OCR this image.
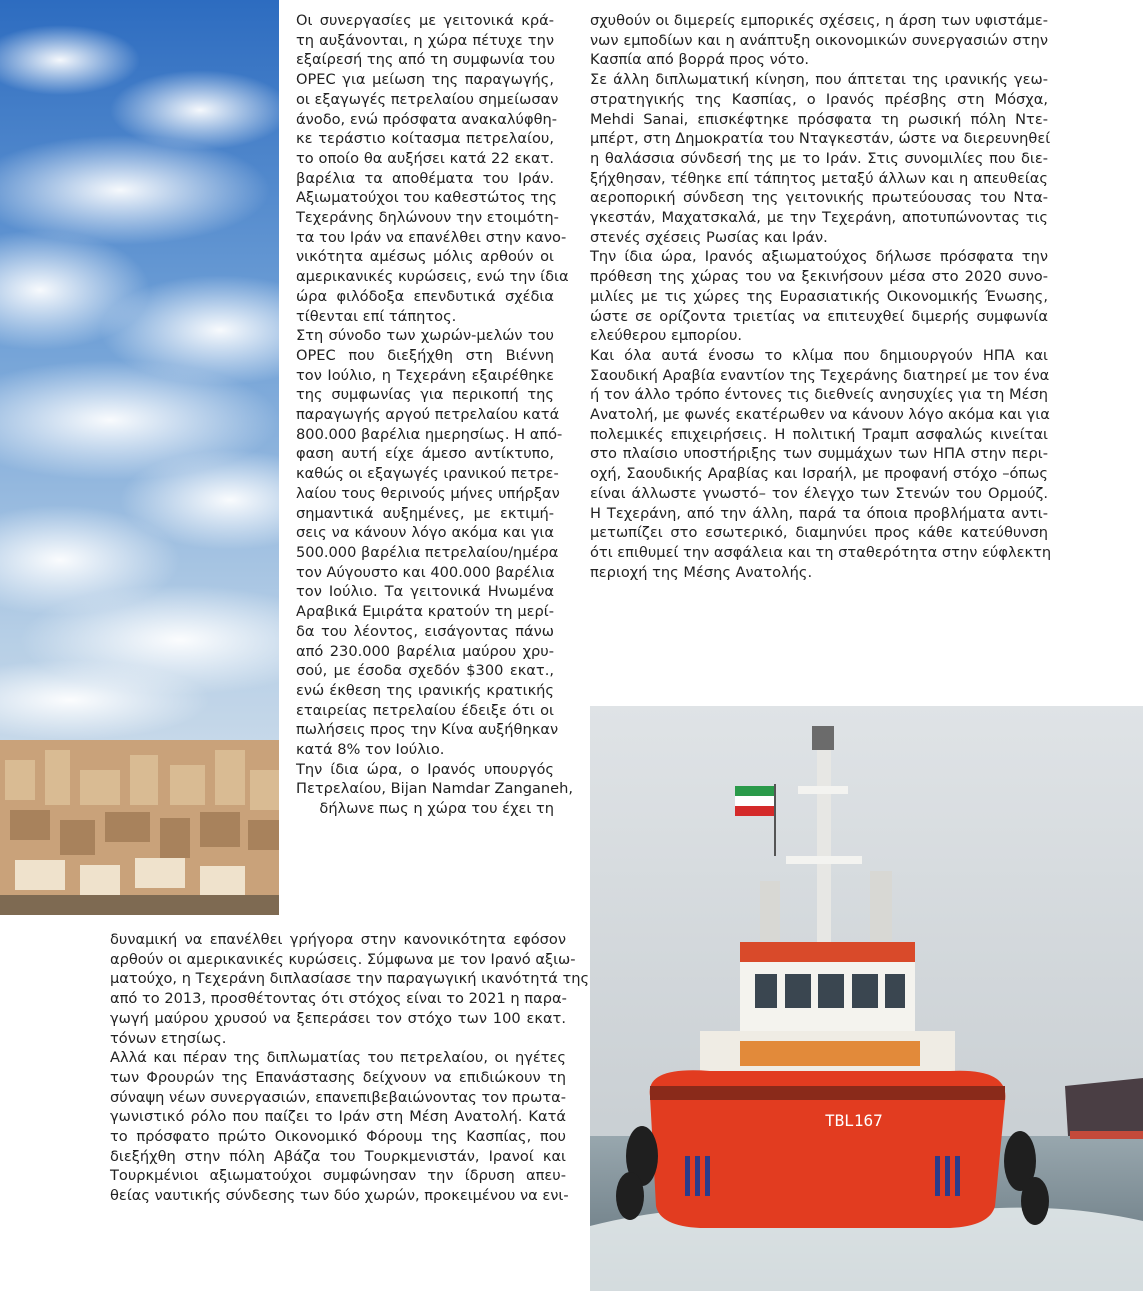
Οι συνεργασίες με γειτονικά κρά-
τη αυξάνονται, η χώρα πέτυχε την
εξαίρεσή της από τη συμφωνία του
OPEC για μείωση της παραγωγής,
οι εξαγωγές πετρελαίου σημείωσαν
άνοδο, ενώ πρόσφατα ανακαλύφθη-
κε τεράστιο κοίτασμα πετρελαίου,
το οποίο θα αυξήσει κατά 22 εκατ.
βαρέλια τα αποθέματα του Ιράν.
Αξιωματούχοι του καθεστώτος της
Τεχεράνης δηλώνουν την ετοιμότη-
τα του Ιράν να επανέλθει στην κανο-
νικότητα αμέσως μόλις αρθούν οι
αμερικανικές κυρώσεις, ενώ την ίδια
ώρα φιλόδοξα επενδυτικά σχέδια
τίθενται επί τάπητος.
Στη σύνοδο των χωρών-μελών του
OPEC που διεξήχθη στη Βιέννη
τον Ιούλιο, η Τεχεράνη εξαιρέθηκε
της συμφωνίας για περικοπή της
παραγωγής αργού πετρελαίου κατά
800.000 βαρέλια ημερησίως. Η από-
φαση αυτή είχε άμεσο αντίκτυπο,
καθώς οι εξαγωγές ιρανικού πετρε-
λαίου τους θερινούς μήνες υπήρξαν
σημαντικά αυξημένες, με εκτιμή-
σεις να κάνουν λόγο ακόμα και για
500.000 βαρέλια πετρελαίου/ημέρα
τον Αύγουστο και 400.000 βαρέλια
τον Ιούλιο. Τα γειτονικά Ηνωμένα
Αραβικά Εμιράτα κρατούν τη μερί-
δα του λέοντος, εισάγοντας πάνω
από 230.000 βαρέλια μαύρου χρυ-
σού, με έσοδα σχεδόν $300 εκατ.,
ενώ έκθεση της ιρανικής κρατικής
εταιρείας πετρελαίου έδειξε ότι οι
πωλήσεις προς την Κίνα αυξήθηκαν
κατά 8% τον Ιούλιο.
Την ίδια ώρα, ο Ιρανός υπουργός
Πετρελαίου, Bijan Namdar Zanganeh,
δήλωνε πως η χώρα του έχει τη
δυναμική να επανέλθει γρήγορα στην κανονικότητα εφόσον
αρθούν οι αμερικανικές κυρώσεις. Σύμφωνα με τον Ιρανό αξιω-
ματούχο, η Τεχεράνη διπλασίασε την παραγωγική ικανότητά της
από το 2013, προσθέτοντας ότι στόχος είναι το 2021 η παρα-
γωγή μαύρου χρυσού να ξεπεράσει τον στόχο των 100 εκατ.
τόνων ετησίως.
Αλλά και πέραν της διπλωματίας του πετρελαίου, οι ηγέτες
των Φρουρών της Επανάστασης δείχνουν να επιδιώκουν τη
σύναψη νέων συνεργασιών, επανεπιβεβαιώνοντας τον πρωτα-
γωνιστικό ρόλο που παίζει το Ιράν στη Μέση Ανατολή. Κατά
το πρόσφατο πρώτο Οικονομικό Φόρουμ της Κασπίας, που
διεξήχθη στην πόλη Αβάζα του Τουρκμενιστάν, Ιρανοί και
Τουρκμένιοι αξιωματούχοι συμφώνησαν την ίδρυση απευ-
θείας ναυτικής σύνδεσης των δύο χωρών, προκειμένου να ενι-
σχυθούν οι διμερείς εμπορικές σχέσεις, η άρση των υφιστάμε-
νων εμποδίων και η ανάπτυξη οικονομικών συνεργασιών στην
Κασπία από βορρά προς νότο.
Σε άλλη διπλωματική κίνηση, που άπτεται της ιρανικής γεω-
στρατηγικής της Κασπίας, ο Ιρανός πρέσβης στη Μόσχα,
Mehdi Sanai, επισκέφτηκε πρόσφατα τη ρωσική πόλη Ντε-
μπέρτ, στη Δημοκρατία του Νταγκεστάν, ώστε να διερευνηθεί
η θαλάσσια σύνδεσή της με το Ιράν. Στις συνομιλίες που διε-
ξήχθησαν, τέθηκε επί τάπητος μεταξύ άλλων και η απευθείας
αεροπορική σύνδεση της γειτονικής πρωτεύουσας του Ντα-
γκεστάν, Μαχατσκαλά, με την Τεχεράνη, αποτυπώνοντας τις
στενές σχέσεις Ρωσίας και Ιράν.
Την ίδια ώρα, Ιρανός αξιωματούχος δήλωσε πρόσφατα την
πρόθεση της χώρας του να ξεκινήσουν μέσα στο 2020 συνο-
μιλίες με τις χώρες της Ευρασιατικής Οικονομικής Ένωσης,
ώστε σε ορίζοντα τριετίας να επιτευχθεί διμερής συμφωνία
ελεύθερου εμπορίου.
Και όλα αυτά ένοσω το κλίμα που δημιουργούν ΗΠΑ και
Σαουδική Αραβία εναντίον της Τεχεράνης διατηρεί με τον ένα
ή τον άλλο τρόπο έντονες τις διεθνείς ανησυχίες για τη Μέση
Ανατολή, με φωνές εκατέρωθεν να κάνουν λόγο ακόμα και για
πολεμικές επιχειρήσεις. Η πολιτική Τραμπ ασφαλώς κινείται
στο πλαίσιο υποστήριξης των συμμάχων των ΗΠΑ στην περι-
οχή, Σαουδικής Αραβίας και Ισραήλ, με προφανή στόχο –όπως
είναι άλλωστε γνωστό– τον έλεγχο των Στενών του Ορμούζ.
Η Τεχεράνη, από την άλλη, παρά τα όποια προβλήματα αντι-
μετωπίζει στο εσωτερικό, διαμηνύει προς κάθε κατεύθυνση
ότι επιθυμεί την ασφάλεια και τη σταθερότητα στην εύφλεκτη
περιοχή της Μέσης Ανατολής.
TBL167
